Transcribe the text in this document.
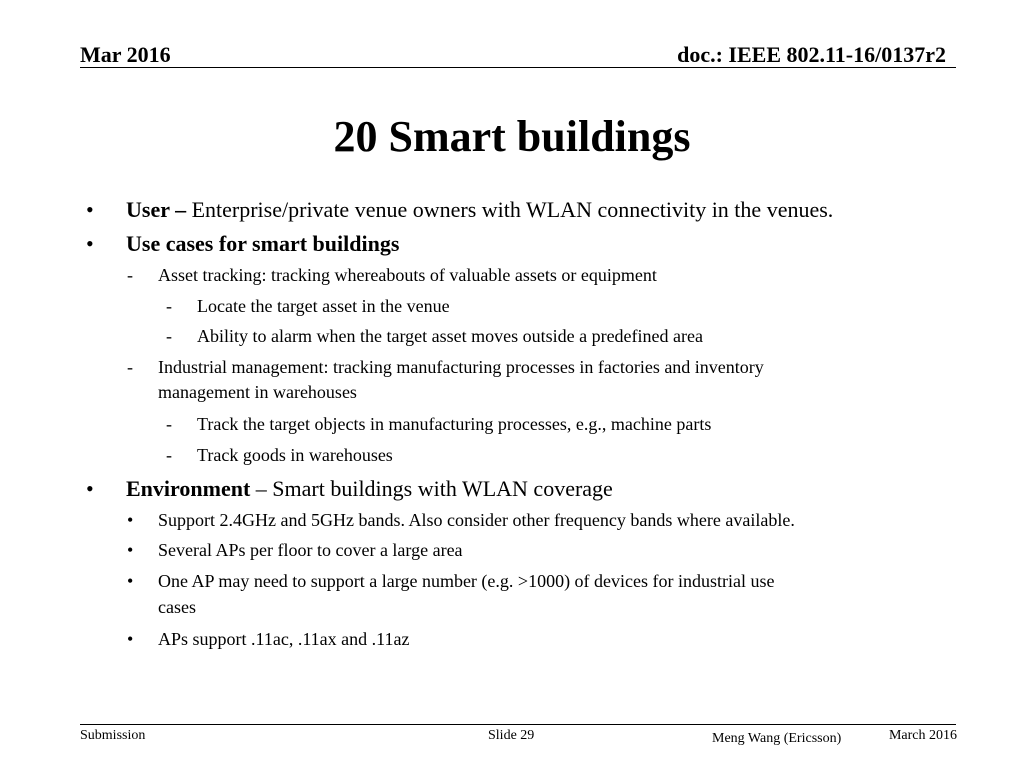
Mar 2016	doc.: IEEE 802.11-16/0137r2
20 Smart buildings
• User – Enterprise/private venue owners with WLAN connectivity in the venues.
• Use cases for smart buildings
- Asset tracking: tracking whereabouts of valuable assets or equipment
- Locate the target asset in the venue
- Ability to alarm when the target asset moves outside a predefined area
- Industrial management: tracking manufacturing processes in factories and inventory
management in warehouses
- Track the target objects in manufacturing processes, e.g., machine parts
- Track goods in warehouses
• Environment – Smart buildings with WLAN coverage
• Support 2.4GHz and 5GHz bands. Also consider other frequency bands where available.
• Several APs per floor to cover a large area
• One AP may need to support a large number (e.g. >1000) of devices for industrial use
cases
• APs support .11ac, .11ax and .11az
Submission	Slide 29	Meng Wang (Ericsson)	March 2016
